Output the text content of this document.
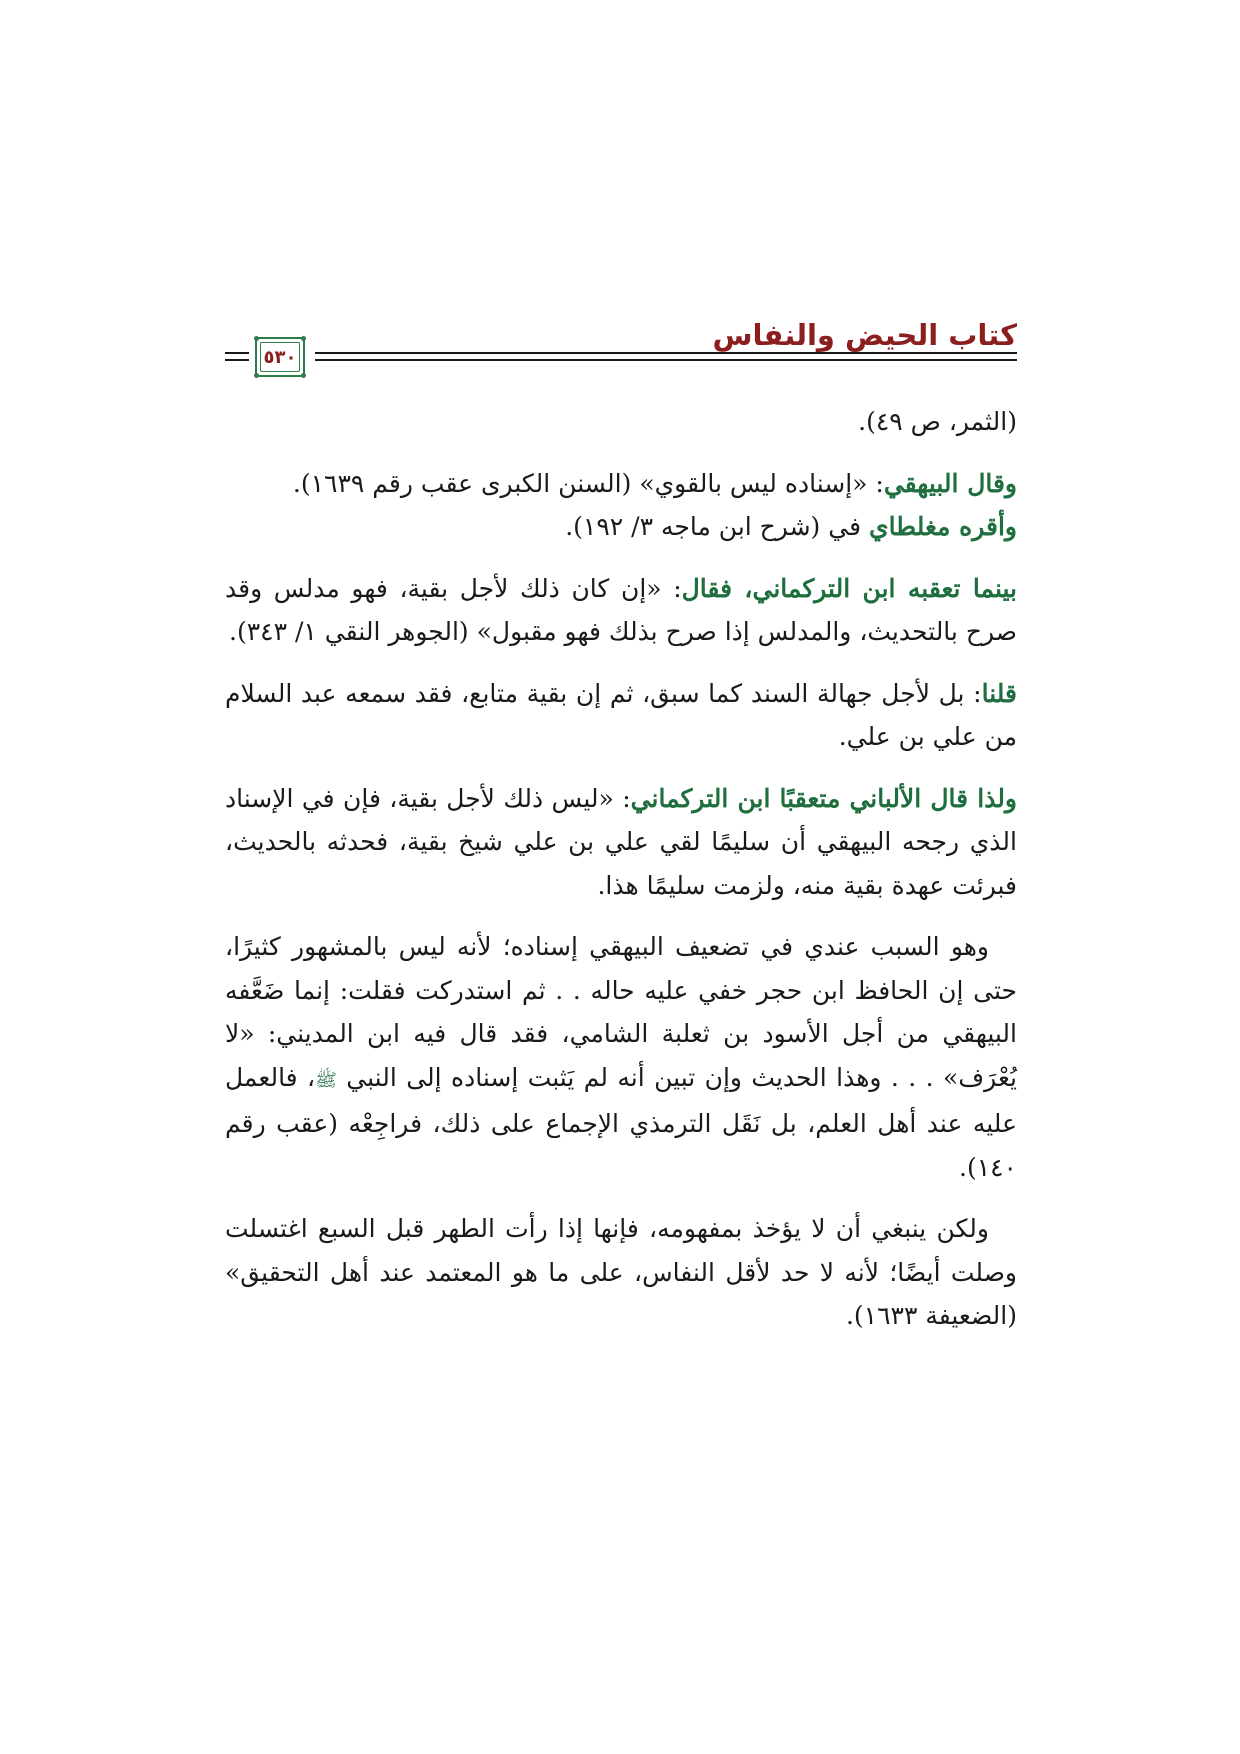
٥٣٠
كتاب الحيض والنفاس

(الثمر، ص ٤٩).

وقال البيهقي: «إسناده ليس بالقوي» (السنن الكبرى عقب رقم ١٦٣٩).

وأقره مغلطاي في (شرح ابن ماجه ٣/ ١٩٢).

بينما تعقبه ابن التركماني، فقال: «إن كان ذلك لأجل بقية، فهو مدلس وقد صرح بالتحديث، والمدلس إذا صرح بذلك فهو مقبول» (الجوهر النقي ١/ ٣٤٣).

قلنا: بل لأجل جهالة السند كما سبق، ثم إن بقية متابع، فقد سمعه عبد السلام من علي بن علي.

ولذا قال الألباني متعقبًا ابن التركماني: «ليس ذلك لأجل بقية، فإن في الإسناد الذي رجحه البيهقي أن سليمًا لقي علي بن علي شيخ بقية، فحدثه بالحديث، فبرئت عهدة بقية منه، ولزمت سليمًا هذا.

وهو السبب عندي في تضعيف البيهقي إسناده؛ لأنه ليس بالمشهور كثيرًا، حتى إن الحافظ ابن حجر خفي عليه حاله . . ثم استدركت فقلت: إنما ضَعَّفه البيهقي من أجل الأسود بن ثعلبة الشامي، فقد قال فيه ابن المديني: «لا يُعْرَف» . . . وهذا الحديث وإن تبين أنه لم يَثبت إسناده إلى النبي ﷺ، فالعمل عليه عند أهل العلم، بل نَقَل الترمذي الإجماع على ذلك، فراجِعْه (عقب رقم ١٤٠).

ولكن ينبغي أن لا يؤخذ بمفهومه، فإنها إذا رأت الطهر قبل السبع اغتسلت وصلت أيضًا؛ لأنه لا حد لأقل النفاس، على ما هو المعتمد عند أهل التحقيق» (الضعيفة ١٦٣٣).
